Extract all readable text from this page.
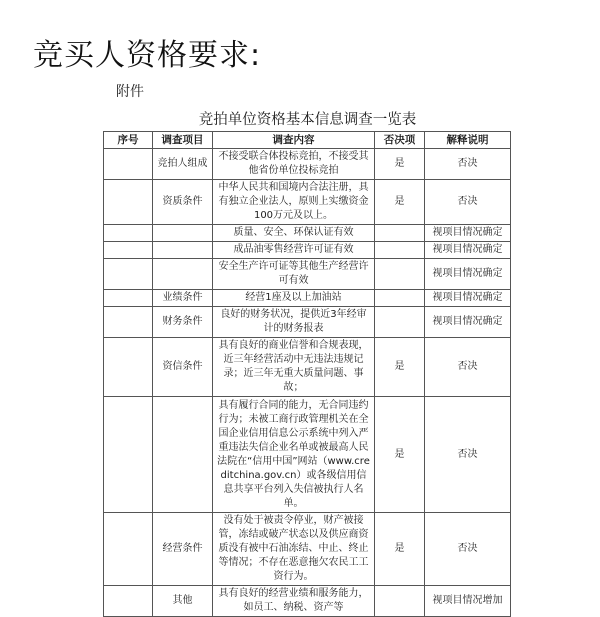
竞买人资格要求:
附件
竞拍单位资格基本信息调查一览表
序号	调查项目	调查内容	否决项	解释说明
	竞拍人组成	不接受联合体投标竞拍，不接受其他省份单位投标竞拍	是	否决
	资质条件	中华人民共和国境内合法注册，具有独立企业法人，原则上实缴资金100万元及以上。	是	否决
		质量、安全、环保认证有效		视项目情况确定
		成品油零售经营许可证有效		视项目情况确定
		安全生产许可证等其他生产经营许可有效		视项目情况确定
	业绩条件	经营1座及以上加油站		视项目情况确定
	财务条件	良好的财务状况，提供近3年经审计的财务报表		视项目情况确定
	资信条件	具有良好的商业信誉和合规表现，近三年经营活动中无违法违规记录；近三年无重大质量问题、事故；	是	否决
		具有履行合同的能力，无合同违约行为；未被工商行政管理机关在全国企业信用信息公示系统中列入严重违法失信企业名单或被最高人民法院在“信用中国”网站（www.creditchina.gov.cn）或各级信用信息共享平台列入失信被执行人名单。	是	否决
	经营条件	没有处于被责令停业，财产被接管，冻结或破产状态以及供应商资质没有被中石油冻结、中止、终止等情况；不存在恶意拖欠农民工工资行为。	是	否决
	其他	具有良好的经营业绩和服务能力，如员工、纳税、资产等		视项目情况增加
